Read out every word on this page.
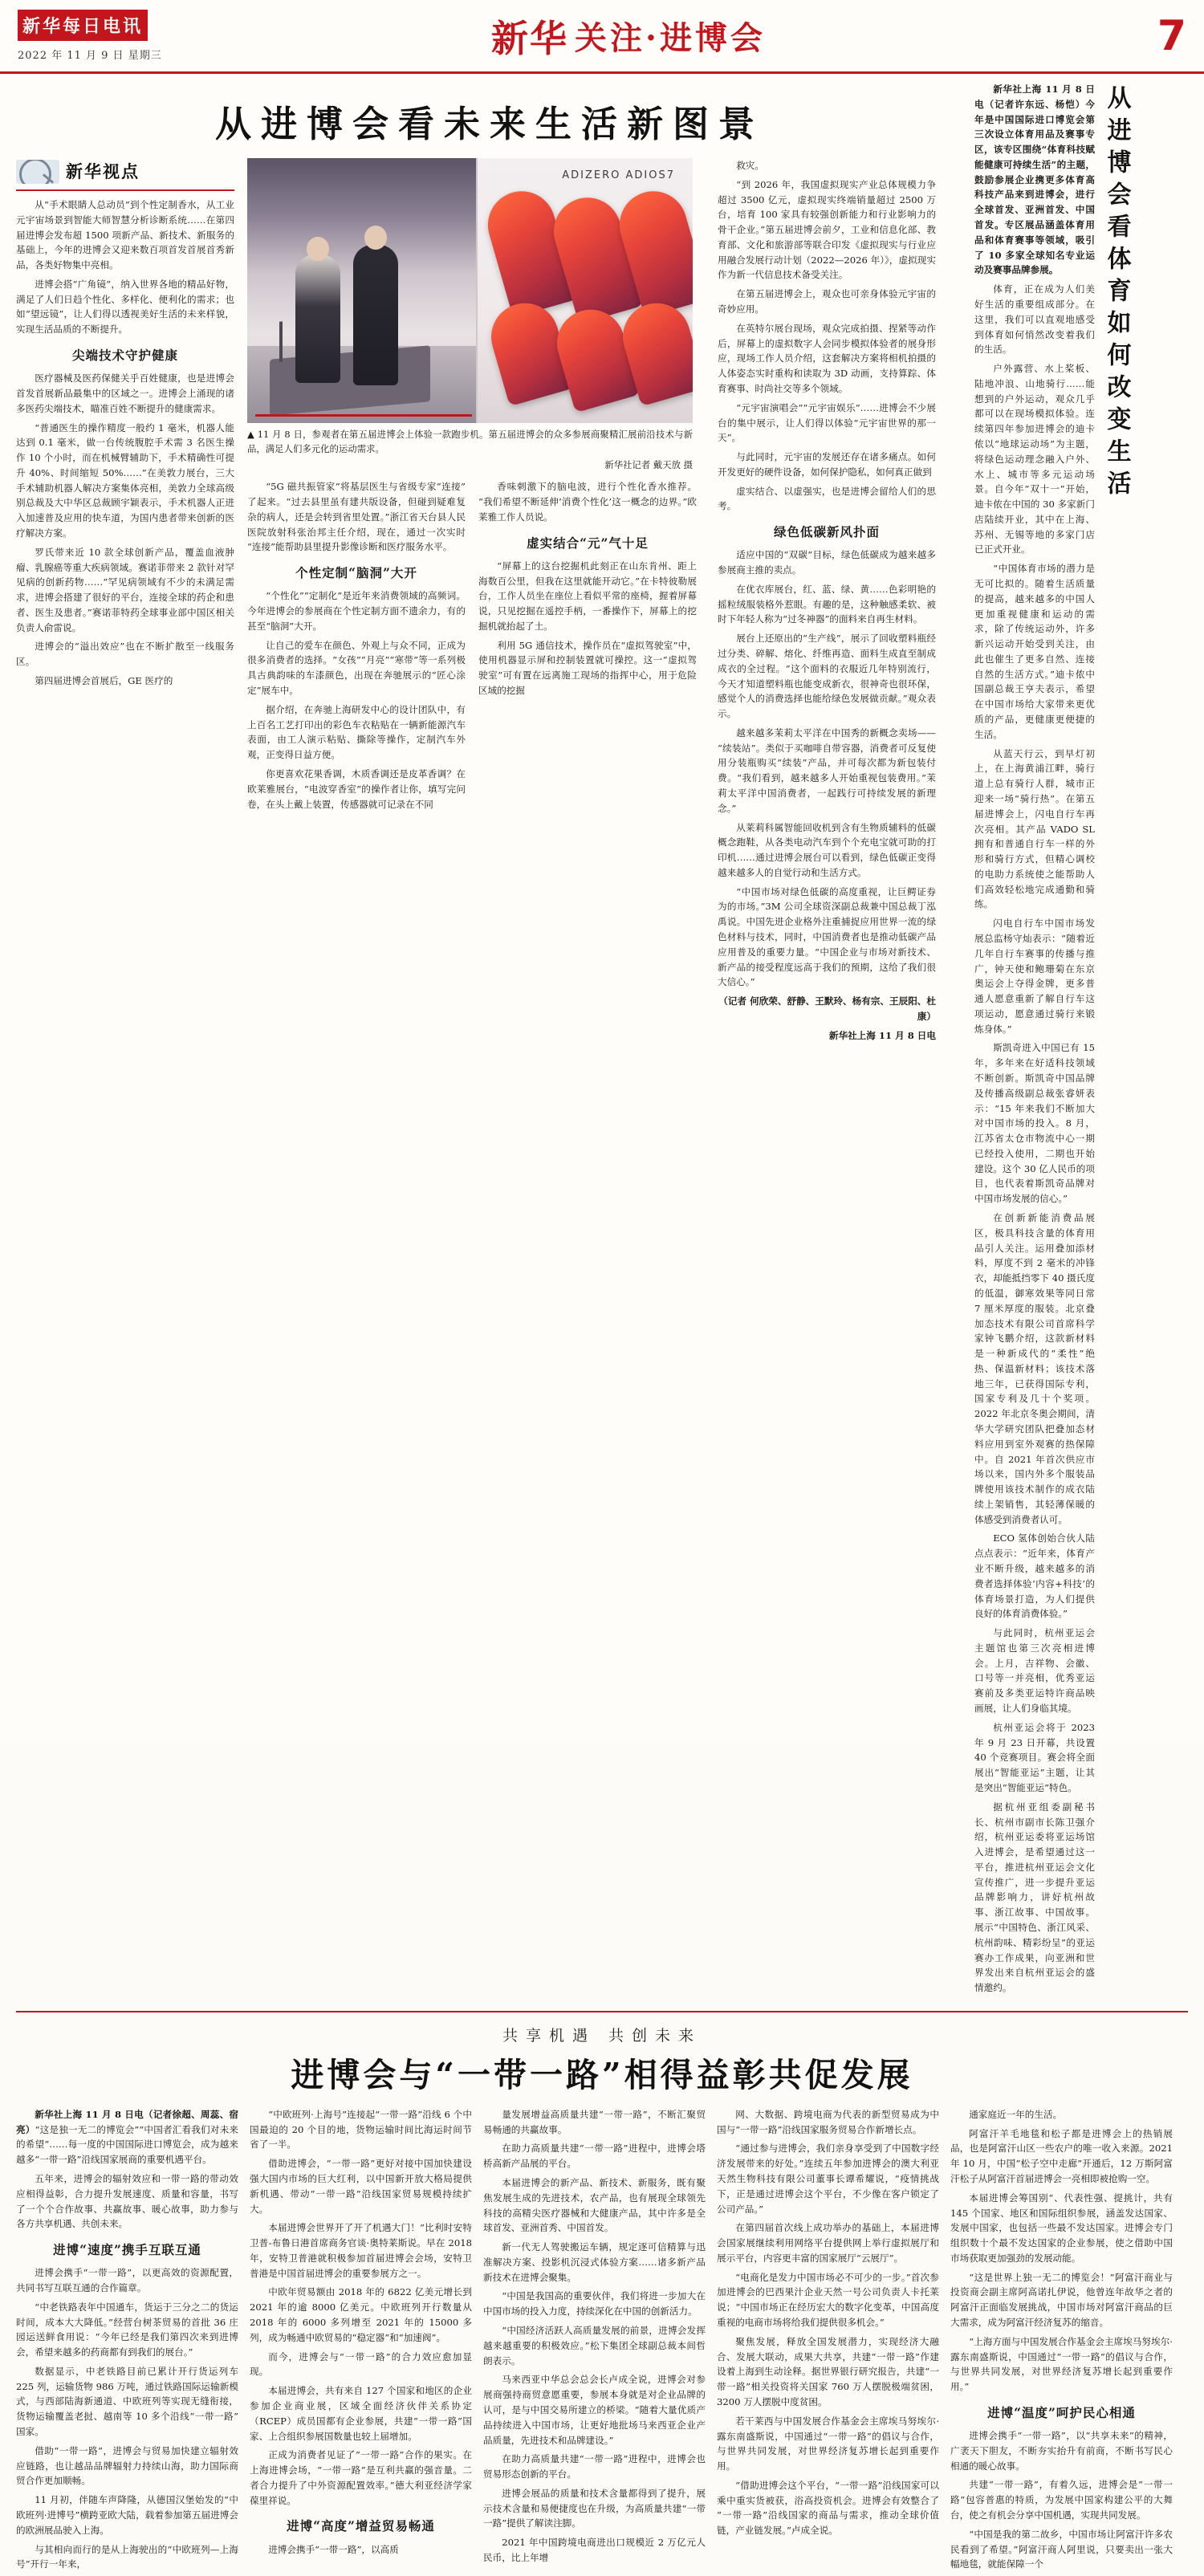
新华每日电讯
2022 年 11 月 9 日 星期三	新华 关注·进博会	7
从进博会看未来生活新图景
新华视点

从“手术眼睛人总动员”到个性定制香水，从工业元宇宙场景到智能大师智慧分析诊断系统……在第四届进博会发布超 1500 项新产品、新技术、新服务的基础上，今年的进博会又迎来数百项首发首展首秀新品，各类好物集中亮相。

进博会搭“广角镜”，纳入世界各地的精品好物，满足了人们日趋个性化、多样化、便利化的需求；也如“望远镜”，让人们得以透视美好生活的未来样貌，实现生活品质的不断提升。

尖端技术守护健康

医疗器械及医药保健关乎百姓健康，也是进博会首发首展新品最集中的区域之一。进博会上涌现的诸多医药尖端技术，瞄准百姓不断提升的健康需求。

“普通医生的操作精度一般约 1 毫米，机器人能达到 0.1 毫米，做一台传统腹腔手术需 3 名医生操作 10 个小时，而在机械臂辅助下，手术精确性可提升 40%、时间缩短 50%……”在美敦力展台，三大手术辅助机器人解决方案集体亮相，美敦力全球高级别总裁及大中华区总裁顾宇颖表示，手术机器人正进入加速普及应用的快车道，为国内患者带来创新的医疗解决方案。

罗氏带来近 10 款全球创新产品，覆盖血液肿瘤、乳腺癌等重大疾病领域。赛诺菲带来 2 款针对罕见病的创新药物……“罕见病领域有不少的未满足需求，进博会搭建了很好的平台，连接全球的药企和患者、医生及患者。”赛诺菲特药全球事业部中国区相关负责人俞雷说。

进博会的“溢出效应”也在不断扩散至一线服务区。

第四届进博会首展后，GE 医疗的

ADIZERO ADIOS7
▲ 11 月 8 日，参观者在第五届进博会上体验一款跑步机。第五届进博会的众多参展商聚精汇展前沿技术与新品，满足人们多元化的运动需求。
新华社记者 戴天放 摄

“5G 磁共振管家”将基层医生与省级专家“连接”了起来。“过去县里虽有建共版设备，但碰到疑难复杂的病人，还是会转到省里处置。”浙江省天台县人民医院放射科张治邦主任介绍，现在，通过一次实时“连接”能帮助县里提升影像诊断和医疗服务水平。

个性定制“脑洞”大开

“个性化”“定制化”是近年来消费领域的高频词。今年进博会的参展商在个性定制方面不遗余力，有的甚至“脑洞”大开。

让自己的爱车在颜色、外观上与众不同，正成为很多消费者的选择。“女孩”“月亮”“寒带”等一系列极具古典韵味的车漆颜色，出现在奔驰展示的“匠心涂定”展车中。

据介绍，在奔驰上海研发中心的设计团队中，有上百名工艺打印出的彩色车衣粘贴在一辆新能源汽车表面，由工人演示粘贴、撕除等操作，定制汽车外观，正变得日益方便。

你更喜欢花果香调，木质香调还是皮革香调？在欧莱雅展台，“电波穿香室”的操作者让你，填写完问卷，在头上戴上装置，传感器就可记录在不同

香味刺激下的脑电波，进行个性化香水推荐。“我们希望不断延伸‘消费个性化’这一概念的边界。”欧莱雅工作人员说。

虚实结合“元”气十足

“屏幕上的这台挖掘机此刻正在山东肯州、距上海数百公里，但我在这里就能开动它。”在卡特彼勒展台，工作人员坐在座位上看似平常的座椅，握着屏幕说，只见挖掘在遥控手柄，一番操作下，屏幕上的挖掘机就抬起了土。

利用 5G 通信技术，操作员在“虚拟驾驶室”中，使用机器显示屏和控制装置就可操控。这一“虚拟驾驶室”可有置在远离施工现场的指挥中心，用于危险区域的挖掘

救灾。

“到 2026 年，我国虚拟现实产业总体规模力争超过 3500 亿元，虚拟现实终端销量超过 2500 万台，培育 100 家具有较强创新能力和行业影响力的骨干企业。”第五届进博会前夕，工业和信息化部、教育部、文化和旅游部等联合印发《虚拟现实与行业应用融合发展行动计划（2022—2026 年）》，虚拟现实作为新一代信息技术备受关注。

在第五届进博会上，观众也可亲身体验元宇宙的奇妙应用。

在英特尔展台现场，观众完成拍摄、捏紧等动作后，屏幕上的虚拟数字人会同步模拟体验者的展身形应，现场工作人员介绍，这套解决方案将相机拍摄的人体姿态实时重构和读取为 3D 动画，支持算踪、体育赛事、时尚社交等多个领域。

“元宇宙演唱会”“元宇宙娱乐”……进博会不少展台的集中展示，让人们得以体验“元宇宙世界的那一天”。

与此同时，元宇宙的发展还存在诸多痛点。如何开发更好的硬件设备，如何保护隐私，如何真正做到

虚实结合、以虚强实，也是进博会留给人们的思考。

绿色低碳新风扑面

适应中国的“双碳”目标，绿色低碳成为越来越多参展商主推的卖点。

在优衣库展台，红、蓝、绿、黄……色彩明艳的摇粒绒服装格外惹眼。有趣的是，这种触感柔软、被时下年轻人称为“过冬神器”的面料来自再生材料。

展台上还原出的“生产线”，展示了回收塑料瓶经过分类、碎解、熔化、纤维再造、面料生成直至制成成衣的全过程。“这个面料的衣服近几年特别流行，今天才知道塑料瓶也能变成新衣，很神奇也很环保，感觉个人的消费选择也能给绿色发展做贡献。”观众表示。

越来越多茉莉太平洋在中国秀的新概念卖场——“续装站”。类似于买咖啡自带容器，消费者可反复使用分装瓶购买“续装”产品，并可每次都为新包装付费。“我们看到，越来越多人开始重视包装费用。”茉莉太平洋中国消费者，一起践行可持续发展的新理念。”

从莱莉科属智能回收机到含有生物质辅料的低碳概念跑鞋，从各类电动汽车到个个充电宝就可助的打印机……通过进博会展台可以看到，绿色低碳正变得越来越多人的自觉行动和生活方式。

“中国市场对绿色低碳的高度重视，让巨鳄证券为的市场。”3M 公司全球资深副总裁兼中国总裁丁泓禹说。中国先进企业格外注重捕捉应用世界一流的绿色材料与技术，同时，中国消费者也是推动低碳产品应用普及的重要力量。“中国企业与市场对新技术、新产品的接受程度远高于我们的预期，这给了我们很大信心。”

（记者 何欣荣、舒静、王默玲、杨有宗、王辰阳、杜康）

新华社上海 11 月 8 日电

新华社上海 11 月 8 日电（记者许东远、杨恺）今年是中国国际进口博览会第三次设立体育用品及赛事专区，该专区围绕“体育科技赋能健康可持续生活”的主题，鼓励参展企业携更多体育高科技产品来到进博会，进行全球首发、亚洲首发、中国首发。专区展品涵盖体育用品和体育赛事等领域，吸引了 10 多家全球知名专业运动及赛事品牌参展。

体育，正在成为人们美好生活的重要组成部分。在这里，我们可以直观地感受到体育如何悄然改变着我们的生活。

户外露营、水上桨板、陆地冲浪、山地骑行……能想到的户外运动，观众几乎都可以在现场模拟体验。连续第四年参加进博会的迪卡侬以“地球运动场”为主题，将绿色运动理念融入户外、水上、城市等多元运动场景。自今年“双十一”开始，迪卡侬在中国的 30 多家新门店陆续开业，其中在上海、苏州、无锡等地的多家门店已正式开业。

“中国体育市场的潜力是无可比拟的。随着生活质量的提高，越来越多的中国人更加重视健康和运动的需求，除了传统运动外，许多新兴运动开始受到关注，由此也催生了更多自然、连接自然的生活方式。”迪卡侬中国副总裁王亨夫表示，希望在中国市场给大家带来更优质的产品，更健康更便捷的生活。

从蓝天行云，到早灯初上，在上海黄浦江畔，骑行道上总有骑行人群，城市正迎来一场“骑行热”。在第五届进博会上，闪电自行车再次亮相。其产品 VADO SL 拥有和普通自行车一样的外形和骑行方式，但精心调校的电助力系统使之能帮助人们高效轻松地完成通勤和骑练。

闪电自行车中国市场发展总监杨守灿表示：“随着近几年自行车赛事的传播与推广，钟天使和鲍珊菊在东京奥运会上夺得金牌，更多普通人愿意重新了解自行车这项运动，愿意通过骑行来锻炼身体。”

斯凯奇进入中国已有 15 年，多年来在好适科技领域不断创新。斯凯奇中国品牌及传播高级副总裁张睿妍表示：“15 年来我们不断加大对中国市场的投入。8 月，江苏省太仓市物流中心一期已经投入使用，二期也开始建设。这个 30 亿人民币的项目，也代表着斯凯奇品牌对中国市场发展的信心。”

在创新新能消费品展区，极具科技含量的体育用品引人关注。运用叠加添材料，厚度不到 2 毫米的冲锋衣，却能抵挡零下 40 摄氏度的低温，御寒效果等同日常 7 厘米厚度的服装。北京叠加态技术有限公司首席科学家钟飞鹏介绍，这款新材料是一种新成代的“柔性”绝热、保温新材料；该技术落地三年，已获得国际专利，国家专利及几十个奖项。2022 年北京冬奥会期间，清华大学研究团队把叠加态材料应用到室外观赛的热保障中。自 2021 年首次供应市场以来，国内外多个服装品牌使用该技术制作的成衣陆续上架销售，其轻薄保暖的体感受到消费者认可。

ECO 氢体创始合伙人陆点点表示：“近年来，体育产业不断升级，越来越多的消费者选择体验‘内容+科技’的体育场景打造，为人们提供良好的体育消费体验。”

与此同时，杭州亚运会主题馆也第三次亮相进博会。上月，吉祥物、会徽、口号等一并亮相，优秀亚运赛前及多类亚运特许商品映画展，让人们身临其境。

杭州亚运会将于 2023 年 9 月 23 日开幕，共设置 40 个竞赛项目。赛会将全面展出“智能亚运”主题，让其是突出“智能亚运”特色。

据杭州亚组委副秘书长、杭州市副市长陈卫强介绍，杭州亚运委将亚运场馆入进博会，是希望通过这一平台，推进杭州亚运会文化宣传推广，进一步提升亚运品牌影响力，讲好杭州故事、浙江故事、中国故事。展示“中国特色、浙江风采、杭州韵味、精彩纷呈”的亚运赛办工作成果，向亚洲和世界发出来自杭州亚运会的盛情邀约。

从进博会看体育如何改变生活
共享机遇 共创未来
进博会与“一带一路”相得益彰共促发展

新华社上海 11 月 8 日电（记者徐超、周蕊、宿亮）“这是独一无二的博览会”“中国者汇看我们对未来的希望”……每一度的中国国际进口博览会，成为越来越多“一带一路”沿线国家展商的重要机遇平台。

五年来，进博会的辐射效应和一带一路的带动效应相得益彰，合力提升发展速度、质量和容量，书写了一个个合作故事、共赢故事、暖心故事，助力参与各方共享机遇、共创未来。

进博“速度”携手互联互通

进博会携手“一带一路”，以更高效的资源配置，共同书写互联互通的合作篇章。

“中老铁路表年中国通车，货运于三分之二的货运时间，成本大大降低。”经营台树茶贸易的首批 36 庄园运送鲜食用说：“今年已经是我们第四次来到进博会，希望来越多的药商都有到我们的展台。”

数据显示，中老铁路目前已累计开行货运列车 225 列，运输货物 986 万吨，通过铁路国际运输新模式，与西部陆海新通道、中欧班列等实现无缝衔接，货物运输覆盖老挝、越南等 10 多个沿线“一带一路”国家。

借助“一带一路”，进博会与贸易加快建立辐射效应链路，也让越品品牌辐射力持续山海，助力国际商贸合作更加顺畅。

11 月初，伴随车声降隆，从德国汉堡始发的“中欧班列·进博号”横跨亚欧大陆，载着参加第五届进博会的欧洲展品驶入上海。

与其相向而行的是从上海驶出的“中欧班列—上海号”开行一年来，

“中欧班列·上海号”连接起“一带一路”沿线 6 个中国最迫的 20 个目的地，货物运输时间比海运时间节省了一半。

借助进博会，“一带一路”更好对接中国加快建设强大国内市场的巨大红利，以中国新开放大格局提供新机遇、带动“一带一路”沿线国家贸易规模持续扩大。

本届进博会世界开了开了机遇大门！“比利时安特卫普-布鲁日港首席商务官谈·奥特莱斯说。早在 2018 年，安特卫普港就积极参加首届进博会会场，安特卫普港是中国首届进博会的重要参展方之一。

中欧年贸易额由 2018 年的 6822 亿美元增长到 2021 年的逾 8000 亿美元。中欧班列开行数量从 2018 年的 6000 多列增至 2021 年的 15000 多列，成为畅通中欧贸易的“稳定器”和“加速阀”。

而今，进博会与“一带一路”的合力效应愈加显现。

本届进博会，共有来自 127 个国家和地区的企业参加企业商业展，区域全面经济伙伴关系协定（RCEP）成员国都有企业参展，共建“一带一路”国家、上合组织参展国数量也较上届增加。

正成为消费者见证了“一带一路”合作的果实。在上海进博会场，“一带一路”是互利共赢的强音量。二者合力提升了中外资源配置效率。”德大利亚经济学家葆里祥说。

进博“高度”增益贸易畅通

进博会携手“一带一路”，以高质

量发展增益高质量共建“一带一路”，不断汇聚贸易畅通的共赢故事。

在助力高质量共建“一带一路”进程中，进博会塔桥高新产品展的平台。

本届进博会的新产品、新技术、新服务，既有聚焦发展生成的先进技术，农产品，也有展现全球领先科技的高精尖医疗器械和大健康产品，其中许多是全球首发、亚洲首秀、中国首发。

新一代无人驾驶搬运车辆，规定逐可信精算与迅准解决方案、投影机沉浸式体验方案……诸多新产品新技术在进博会聚集。

“中国是我国高的重要伙伴，我们将进一步加大在中国市场的投入力度，持续深化在中国的创新活力。

“中国经济活跃人高质量发展的前景，进博会发挥越来越重要的积极效应。”松下集团全球副总裁本间哲朗表示。

马来西亚中华总会总会长卢成全说，进博会对参展商强持商贸意愿重要，参展本身就是对企业品牌的认可，是与中国交易所建立的桥梁。“随着大量优质产品持续进入中国市场，让更好地批场马来西亚企业产品质量，先进技术和品牌建设。”

在助力高质量共建“一带一路”进程中，进博会也贸易形态创新的平台。

进博会展品的质量和技术含量都得到了提升，展示技术含量和易便捷度也在升级，为高质量共建“一带一路”提供了解读注脚。

2021 年中国跨境电商进出口规模近 2 万亿元人民币，比上年增

网、大数据、跨境电商为代表的新型贸易成为中国与“一带一路”沿线国家服务贸易合作新增长点。

“通过参与进博会，我们亲身享受到了中国数字经济发展带来的好处。”连续五年参加进博会的澳大利亚天然生物科技有限公司董事长谭希耀说，“疫情挑战下，正是通过进博会这个平台，不少像在客户锁定了公司产品。”

在第四届首次线上成功举办的基础上，本届进博会国家展继续利用网络平台提供网上举行虚拟展厅和展示平台，内容更丰富的国家展厅“云展厅”。

“电商化是发力中国市场必不可少的一步。”首次参加进博会的巴西果汁企业天然一号公司负责人卡托莱说；“中国市场正在经历宏大的数字化变革，中国高度重视的电商市场将给我们提供很多机会。”

聚焦发展，释放全国发展潜力，实现经济大融合、发展大联动，成果大共享，共建“一带一路”作建设着上海到生动诠释。据世界银行研究报告，共建“一带一路”相关投资将关国家 760 万人摆脱极端贫困，3200 万人摆脱中度贫困。

若干莱西与中国发展合作基金会主席埃马努埃尔·露东南盛斯说，中国通过“一带一路”的倡议与合作，与世界共同发展，对世界经济复苏增长起到重要作用。

“借助进博会这个平台，“一带一路”沿线国家可以乘中重实货被获，浴高投资机会。进博会有效整合了“一带一路”沿线国家的商品与需求，推动全球价值链，产业链发展。”卢成全说。

通家庭近一年的生活。

阿富汗羊毛地毯和松子都是进博会上的热销展品，也是阿富汗山区一些农户的唯一收入来源。2021 年 10 月，中国“松子空中走廊”开通后，12 万斯阿富汗松子从阿富汗首届进博会一亮相即被抢购一空。

本届进博会筹国别“、代表性强、提挑计，共有 145 个国家、地区和国际组织参展，涵盖发达国家、发展中国家，也包括一些最不发达国家。进博会专门组织数十个最不发达国家的企业参展，使之借助中国市场获取更加强劲的发展动能。

“这是世界上独一无二的博览会！”阿富汗商业与投资商会副主席阿高诺扎伊说，他曾连年故华之者的阿富汗正面临发展挑战，中国市场对阿富汗商品的巨大需求，成为阿富汗经济复苏的缩音。

“上海方面与中国发展合作基金会主席埃马努埃尔·露东南盛斯说，中国通过“一带一路”的倡议与合作，与世界共同发展，对世界经济复苏增长起到重要作用。”

进博“温度”呵护民心相通

进博会携手“一带一路”，以“共享未来”的精神，广袤天下胆友，不断夯实抬升有前商，不断书写民心相通的暖心故事。

共建“一带一路”，有着久远，进博会是“一带一路”包容普惠的特质，为发展中国家构建公平的大舞台，使之有机会分享中国机遇，实现共同发展。

“中国是我的第二故乡，中国市场让阿富汗许多农民看到了希望。”阿富汗商人阿里说，只要卖出一张大幅地毯，就能保障一个
